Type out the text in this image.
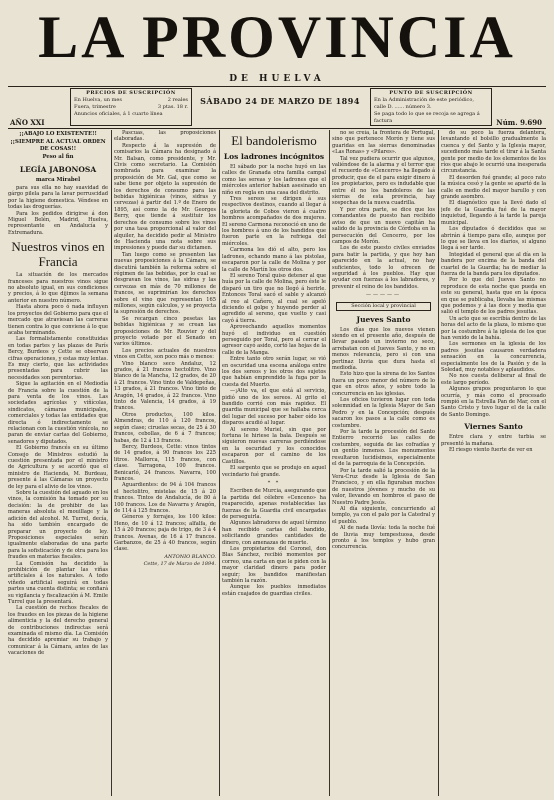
LA PROVINCIA
DE HUELVA
PRECIOS DE SUSCRIPCIÓN
En Huelva, un mes	2 reales
Fuera, trimestre	3 ptas. 18 r.
Anuncios oficiales, á 1 cuarto línea
SÁBADO 24 DE MARZO DE 1894
PUNTO DE SUSCRIPCIÓN
En la Administración de este periódico,
calle D. ...... número 3.
Se paga todo lo que se recoja se agrega á factura
AÑO XXI	Núm. 9.690
¡¡ABAJO LO EXISTENTE!!
¡¡SIEMPRE AL ACTUAL ORDEN DE COSAS!!
Peso al fin
LEGÍA JABONOSA
marca Mirabel

para sus ella no hay suavidad de gárgo pilela para la lavar perruscidad por la higiene domestica. Véndese en todas las droguerías.

Para los pedidos dirigirse á don Miguel Belén, Madrid, Huelva, representante en Andalucía y Extremadura.

Nuestros vinos en Francia

La situación de los mercados franceses para nuestros vinos sigue no absoluto igual, en sus condiciones y precios, á lo que dijimos la semana anterior en nuestro número.

Hasta ahora poco ó nada influyen los proyectos del Gobierno para que el mercado que atraviesan las carreras tienen contra lo que conviene á lo que acaba terminando.

Las formalistamente constituidas en todas partes y las plazas de París Bercy, Burdeos y Cette se observan cifras operaciones, y estas muy lentas. Es muy cierto, que las actividades presentadas para cubrir las necesidades son perentorias.

Sigue la agitación en el Mediodía de Francia sobre la cuestión de la para venta de los vinos. Las sociedades agrícolas y viñícolas, sindicatos, cámaras municipales, comerciales y todas las entidades que directa ó indirectamente se relacionan con la cuestión vinícola, no paran de enviar cartas del Gobierno, senadores y diputados.

El Gobierno francés en su último Consejo de Ministros estudió la cuestión presentada por el ministro de Agricultura y se acordó que el ministro de Hacienda, M. Burdeau, presente á las Cámaras un proyecto de ley para el alivio de los vinos.

Sobre la cuestión del aguado en los vinos, la comisión ha tomado por su decisión: la de prohibir de las maneras absoluta el mouillage y la adición del alcohol. M. Turrel, decía, ha sido también encargado de preparar un proyecto de ley. Proposiciones especiales serán igualmente elaboradas de una parte para la sofisticación y de otra para los fraudes en materias fiscales.

La Comisión ha decidido la prohibición de plantar las viñas artificiales á los naturales. A todo viñedo artificial seguirá en todas partes una cuenta distinta; se confiará su vigilancia y fiscalización á M. Emile Turrel que la presentará.

La cuestión de rechos fiscales de los fraudes en los piezas de la higiene alimenticia y la del derecho general de contribuciones indirectas será examinada el mismo día. La Comisión ha decidido apremiar su trabajo y comunicar á la Cámara, antes de las vacaciones de

Pascuas, las proposiciones elaboradas.

Respecto á la supresión de comisarios la Cámara ha designado á Mr. Balsan, como presidente, y Mr. Civis como secretario. La Comisión nombrada para examinar la proposición de Mr. Gal, que como se sabe tiene por objeto la supresión de los derechos de consumo para las bebidas higiénicas (vinos, sidras y cervezas) á partir del 1.º de Enero de 1895, así como la de Mr. Georges Berry, que tiende á sustituir los derechos de consumo sobre los vinos por una tasa proporcional al valor del alquiler, ha decidido pedir al Ministro de Hacienda una nota sobre sus impresiones y puede dar su dictamen.

Tan luego como se presenten las nuevas proposiciones á la Cámara, se discutirá también la reforma sobre el régimen de las bebidas, por lo cual se desgravan los vinos, las sidras y las cervezas en más de 70 millones de francos, se suprimirían los derechos sobre el vino que representan 165 millones, según cálculos, y se proyecta la supresión de derechos.

Se recargan cinco pesetas las bebidas higiénicas y se crean las proposiciones de Mr. Rouvier y del proyecto votado por el Senado en varios últimos.

Los precios actuales de nuestros vinos en Cette, son poco más o menos:

Vino blanco seco Andaluz, 12 grados, á 21 francos hectolitro. Vino blanco de la Mancha, 12 grados, de 20 á 21 francos. Vino tinto de Valdepeñas, 13 grados, á 21 francos. Vino tinto de Aragón, 14 grados, á 22 francos. Vino tinto de Valencia, 14 grados, á 19 francos.

Otros productos, 100 kilos. Almendras, de 110 á 120 francos, según clase; ciruelas secas, de 25 á 30 francos, cebollas, de 6 á 7 francos; habas, de 12 á 13 francos.

Bercy, Burdeos, Cette: vinos tintos de 14 grados, á 90 francos los 225 litros. Mallorca, 115 francos, con clase. Tarragona, 100 francos. Benicarló, 24 francos. Navarra, 100 francos.

Aguardientes: de 94 á 104 francos el hectolitro, mistelas de 15 á 20 francos. Tintos de Andalucía, de 80 á 100 francos. Los de Navarra y Aragón, de 114 á 125 francos.

Géneros y forrajes, los 100 kilos: Heno, de 10 á 12 francos; alfalfa, de 15 á 20 francos; paja de trigo, de 3 á 4 francos. Avenas, de 16 á 17 francos. Garbanzos, de 25 á 40 francos, según clase.

ANTONIO BLANCO.
Cette, 17 de Marzo de 1894.
El bandolerismo
Los ladrones incógnitos

El sábado por la noche huyó en las calles de Granada otra familia campal como las sereas y los ladrones que el miércoles anterior habían asesinado un niño en regla en una casa del distrito.

Tres sereos se dirigen á sus respectivos destinos, cuando al llegar á la glorieta de Cobos vieron á cuatro hombres acompañados de dos mujeres. El sereno Carmona reconoció en uno de los hombres á uno de los bandidos que fueron parte en la refriega del miércoles.

Carmona les dió el alto, pero los ladrones, echando mano á las pistolas, escaparon por la calle de Molina y por la calle de Martín los otros dos.

El sereno Toral quiso detener al que huía por la calle de Molina, pero éste le disparó un tiro que no llegó á herirle. Entonces Toral sacó el sable y alcanzó al reo al Cañero, al cual se apeló diciendo el golpe y huyendo perder al agredido al sereno, que vuelto y casi cayó á tierra.

Aprovechando aquellos momentos huyó el individuo en cuestión perseguido por Toral, pero al cerrar el agresor cayó asido, cortó las hojas de la calle de la Manga.

Entre tanto otro serán lugar, se vió en oscuridad una escena análoga entre los dos sereos y los otros dos sujetos que habían emprendido la fuga por la cuesta del Muerto.

—¡Alto va, el que está al servicio, pidió uno de los sereos. Al grito el bandido corrió con más rapidez. El guardia municipal que se hallaba cerca del lugar del suceso por haber oído los disparos acudió al lugar.

Al sereno Muriel, sin que por fortuna le hiriese la bala. Después se siguieron nuevas carreras perdiéndose en la oscuridad y los conocidos escaparon por el camino de los Castillos.

El sargento que se produjo en aquel vecindario fué grande.

* *

Escriben de Murcia, asegurando que la partida del célebre «Cenceno» ha reaparecido, apenas restablecidas las fuerzas de la Guardia civil encargadas de perseguirla.

Algunos labradores de aquel término han recibido cartas del bandido, solicitando grandes cantidades de dinero, con amenazas de muerte.

Los propietarios del Coronel, don Blas Sánchez, recibió momentos por correo, una carta en que le piden con la mayor claridad dinero para poder seguir; los bandidos manifiestan también la razón.

Aunque los pueblos inmediatos están cuajados de guardias civiles.

no se creía, la frontera de Portugal, sino que pertenece Morón y tiene sus guaridas en las sierras denominadas «Las Ronas» y «Pilares».

Tal vez pudiera ocurrir que algunos, valiéndose de la alarma y el terror que el recuerdo de «Cencerro» ha llegado á producir, que de el para exigir dinero á los propietarios, pero es indudable que entre él no los bandoleros de las sierras de esta provincia, hay sospechas de la nueva cuadrilla.

Y por otra parte, se dice que los comandantes de puesto han recibido aviso de que un nuevo capitán ha salido de la provincia de Córdoba en la persecución del Cencerro, por los campos de Morón.

Los de este puesto civiles enviados para batir la partida, y que hoy han aparecido en la actual, no hay suficientes, todo lo ofrecen de seguridad á los pueblos. Hay que ayudar con fuerzas á los labradores, y prevenir el reino de los bandidos.

—————
Sección local y provincial
Jueves Santo

Los días que los nuevos vienen siendo en el presente año, después de llevar pasado un invierno no seco, arrebatan con el Jueves Santo, y no en menos relevancia, pero si con una pertinaz lluvia que dura hasta el mediodía.

Esto hizo que la sirena de los Santos fuera un poco menor del número de lo que en otros años, y sobre todo la concurrencia en las iglesias.

Los oficios tuvieron lugar con toda solemnidad en la Iglesia Mayor de San Pedro y en la Concepción; después sacaron los pasos a la calle como es costumbre.

Por la tarde la procesión del Santo Entierro recorrió las calles de costumbre, seguida de las cofradías y un gentío inmenso. Los monumentos resultaron lucidísimos, especialmente el de la parroquia de la Concepción.

Por la tarde salió la procesión de la Vera-Cruz desde la Iglesia de San Francisco, y en ella figuraban muchos de nuestros jóvenes y mucho de su valor, llevando en hombros el paso de Nuestro Padre Jesús.

Al día siguiente, concurriendo al templo, ya con el palo por la Catedral y el pueblo.

Al de nada llovía: toda la noche fué de lluvia muy tempestuosa, desde pronto á los templos y hubo gran concurrencia.

do su poco la fuerza delantera, levantando el bolsillo gradualmente la cuenca y del Santo y la Iglesia mayor, sucediendo más tarde el tirar á la Santa gente por medio de los elementos de los ríos que abajo le ocurrió una inesperada circunstancia.

El desorden fué grande; al poco rato la música cesó y la gente se apartó de la calle en medio del mayor barullo y con grande asombro.

El diagnóstico que la llevó dado el jefe de la Guardia fué de la mayor inquietud, llegando á la tarde la pareja municipal.

Los diputados ó decididos que se abrirán á tiempo para ello, aunque por lo que se lleva en los diarios, si alguno llega á ser tarde.

Integidad el general que al día en la bandera por encima de la banda del cuartel de la Guardia; ha de mediar la fuerza de la banda para los diputados.

Por lo que del Jueves Santo no reproduce de esta noche que pueda en este su general, hasta que en la época en que se publicaba, llevaba las mismas que podemos y á las doce y media que salió el templo de los padres jesuitas.

Un acto que se escribía dentro de las horas del acto de la plaza, lo mismo que por la costumbre á la iglesia de los que han venido de la bahía.

Los sermones en la iglesia de los padres jesuitas causaron verdadera sensación en la concurrencia, especialmente los de la Pasión y de la Soledad, muy notables y aplaudidos.

No nos cuesta deliberar al final de este largo período.

Algunos grupos preguntaron lo que ocurría, y más como el procesado rompió en la Estrella Pan de Mar, con el Santo Cristo y tuvo lugar el de la calle de Santo Domingo.

Viernes Santo

Entre clara y entre turbia se presentó la mañana.

El riesgo viento fuerte de ver en
